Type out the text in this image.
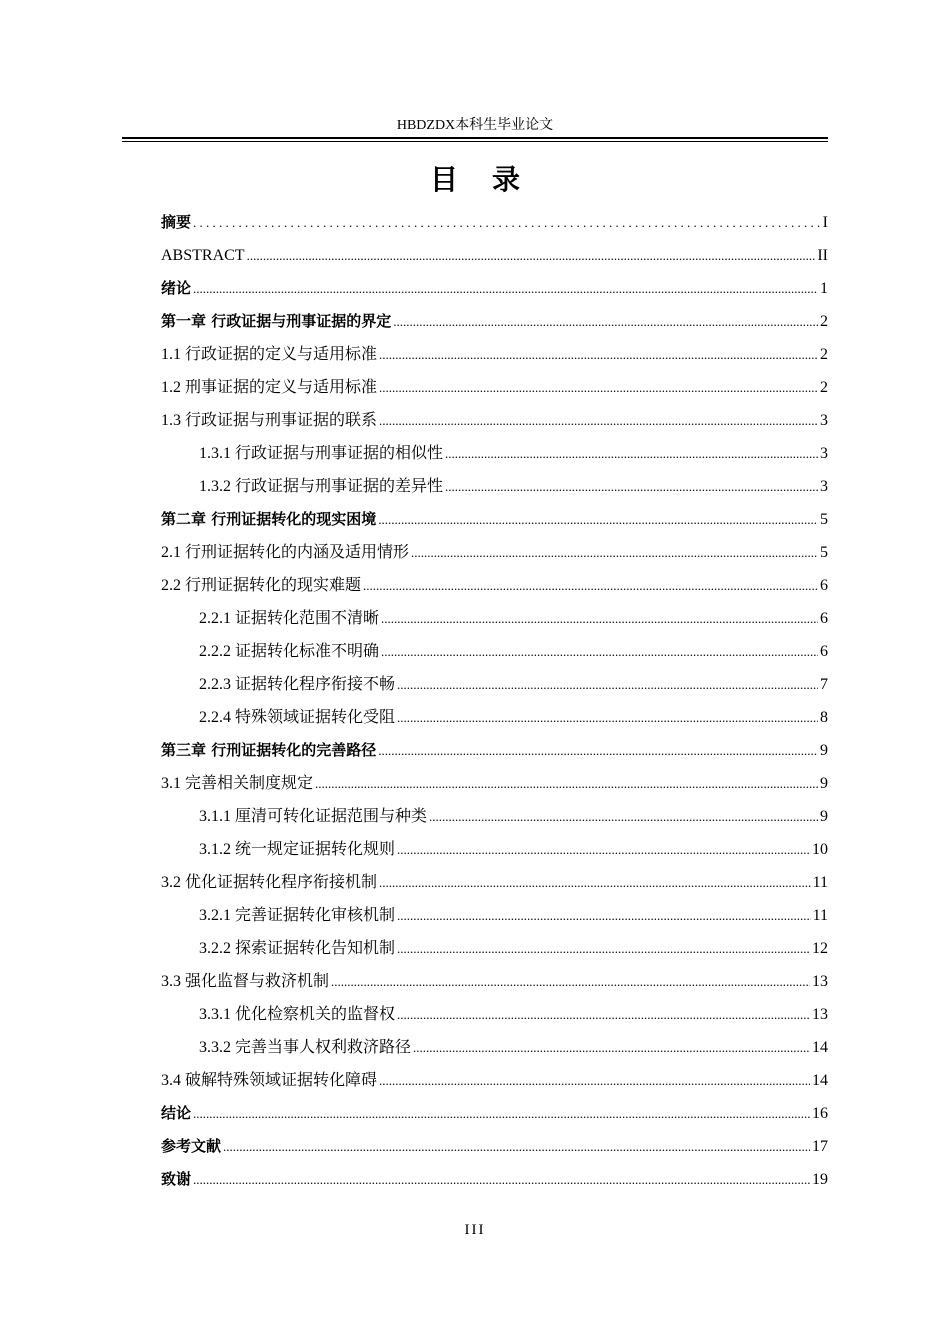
HBDZDX本科生毕业论文
目录
摘要 . . .	I
ABSTRACT .....	II
绪论 .....	1
第一章 行政证据与刑事证据的界定 .....	2
1.1 行政证据的定义与适用标准 .....	2
1.2 刑事证据的定义与适用标准 .....	2
1.3 行政证据与刑事证据的联系 .....	3
1.3.1 行政证据与刑事证据的相似性 .....	3
1.3.2 行政证据与刑事证据的差异性 .....	3
第二章 行刑证据转化的现实困境 .....	5
2.1 行刑证据转化的内涵及适用情形 .....	5
2.2 行刑证据转化的现实难题 .....	6
2.2.1 证据转化范围不清晰 .....	6
2.2.2 证据转化标准不明确 .....	6
2.2.3 证据转化程序衔接不畅 .....	7
2.2.4 特殊领域证据转化受阻 .....	8
第三章 行刑证据转化的完善路径 .....	9
3.1 完善相关制度规定 .....	9
3.1.1 厘清可转化证据范围与种类 .....	9
3.1.2 统一规定证据转化规则 .....	10
3.2 优化证据转化程序衔接机制 .....	11
3.2.1 完善证据转化审核机制 .....	11
3.2.2 探索证据转化告知机制 .....	12
3.3 强化监督与救济机制 .....	13
3.3.1 优化检察机关的监督权 .....	13
3.3.2 完善当事人权利救济路径 .....	14
3.4 破解特殊领域证据转化障碍 .....	14
结论 .....	16
参考文献 .....	17
致谢 .....	19
III
